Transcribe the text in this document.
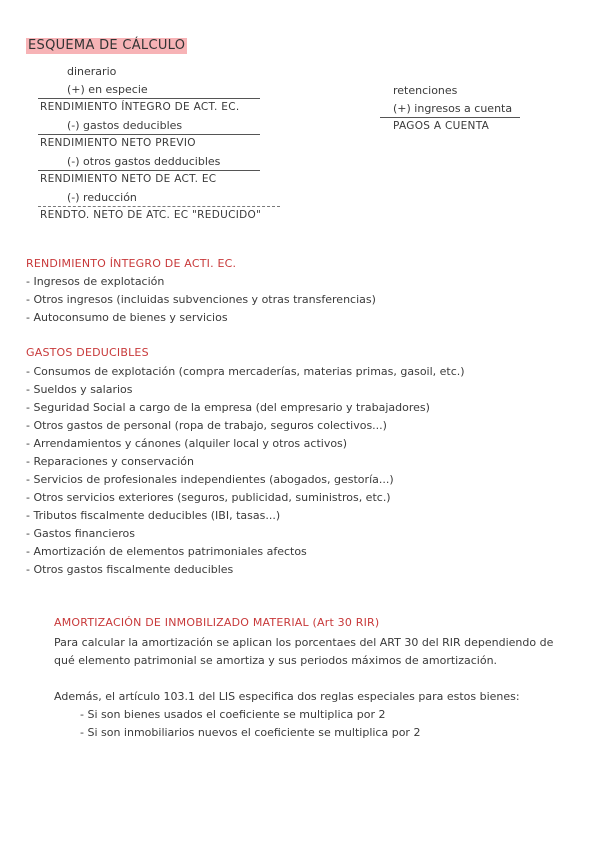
ESQUEMA DE CÁLCULO
dinerario
(+) en especie
RENDIMIENTO ÍNTEGRO DE ACT. EC.
(-) gastos deducibles
RENDIMIENTO NETO PREVIO
(-) otros gastos dedducibles
RENDIMIENTO NETO DE ACT. EC
(-) reducción
RENDTO. NETO DE ATC. EC "REDUCIDO"
retenciones
(+) ingresos a cuenta
PAGOS A CUENTA
RENDIMIENTO ÍNTEGRO DE ACTI. EC.
- Ingresos de explotación
- Otros ingresos (incluidas subvenciones y otras transferencias)
- Autoconsumo de bienes y servicios
GASTOS DEDUCIBLES
- Consumos de explotación (compra mercaderías, materias primas, gasoil, etc.)
- Sueldos y salarios
- Seguridad Social a cargo de la empresa (del empresario y trabajadores)
- Otros gastos de personal (ropa de trabajo, seguros colectivos...)
- Arrendamientos y cánones (alquiler local y otros activos)
- Reparaciones y conservación
- Servicios de profesionales independientes (abogados, gestoría...)
- Otros servicios exteriores (seguros, publicidad, suministros, etc.)
- Tributos fiscalmente deducibles (IBI, tasas...)
- Gastos financieros
- Amortización de elementos patrimoniales afectos
- Otros gastos fiscalmente deducibles
AMORTIZACIÓN DE INMOBILIZADO MATERIAL (Art 30 RIR)
Para calcular la amortización se aplican los porcentaes del ART 30 del RIR dependiendo de
qué elemento patrimonial se amortiza y sus periodos máximos de amortización.
Además, el artículo 103.1 del LIS especifica dos reglas especiales para estos bienes:
- Si son bienes usados el coeficiente se multiplica por 2
- Si son inmobiliarios nuevos el coeficiente se multiplica por 2
